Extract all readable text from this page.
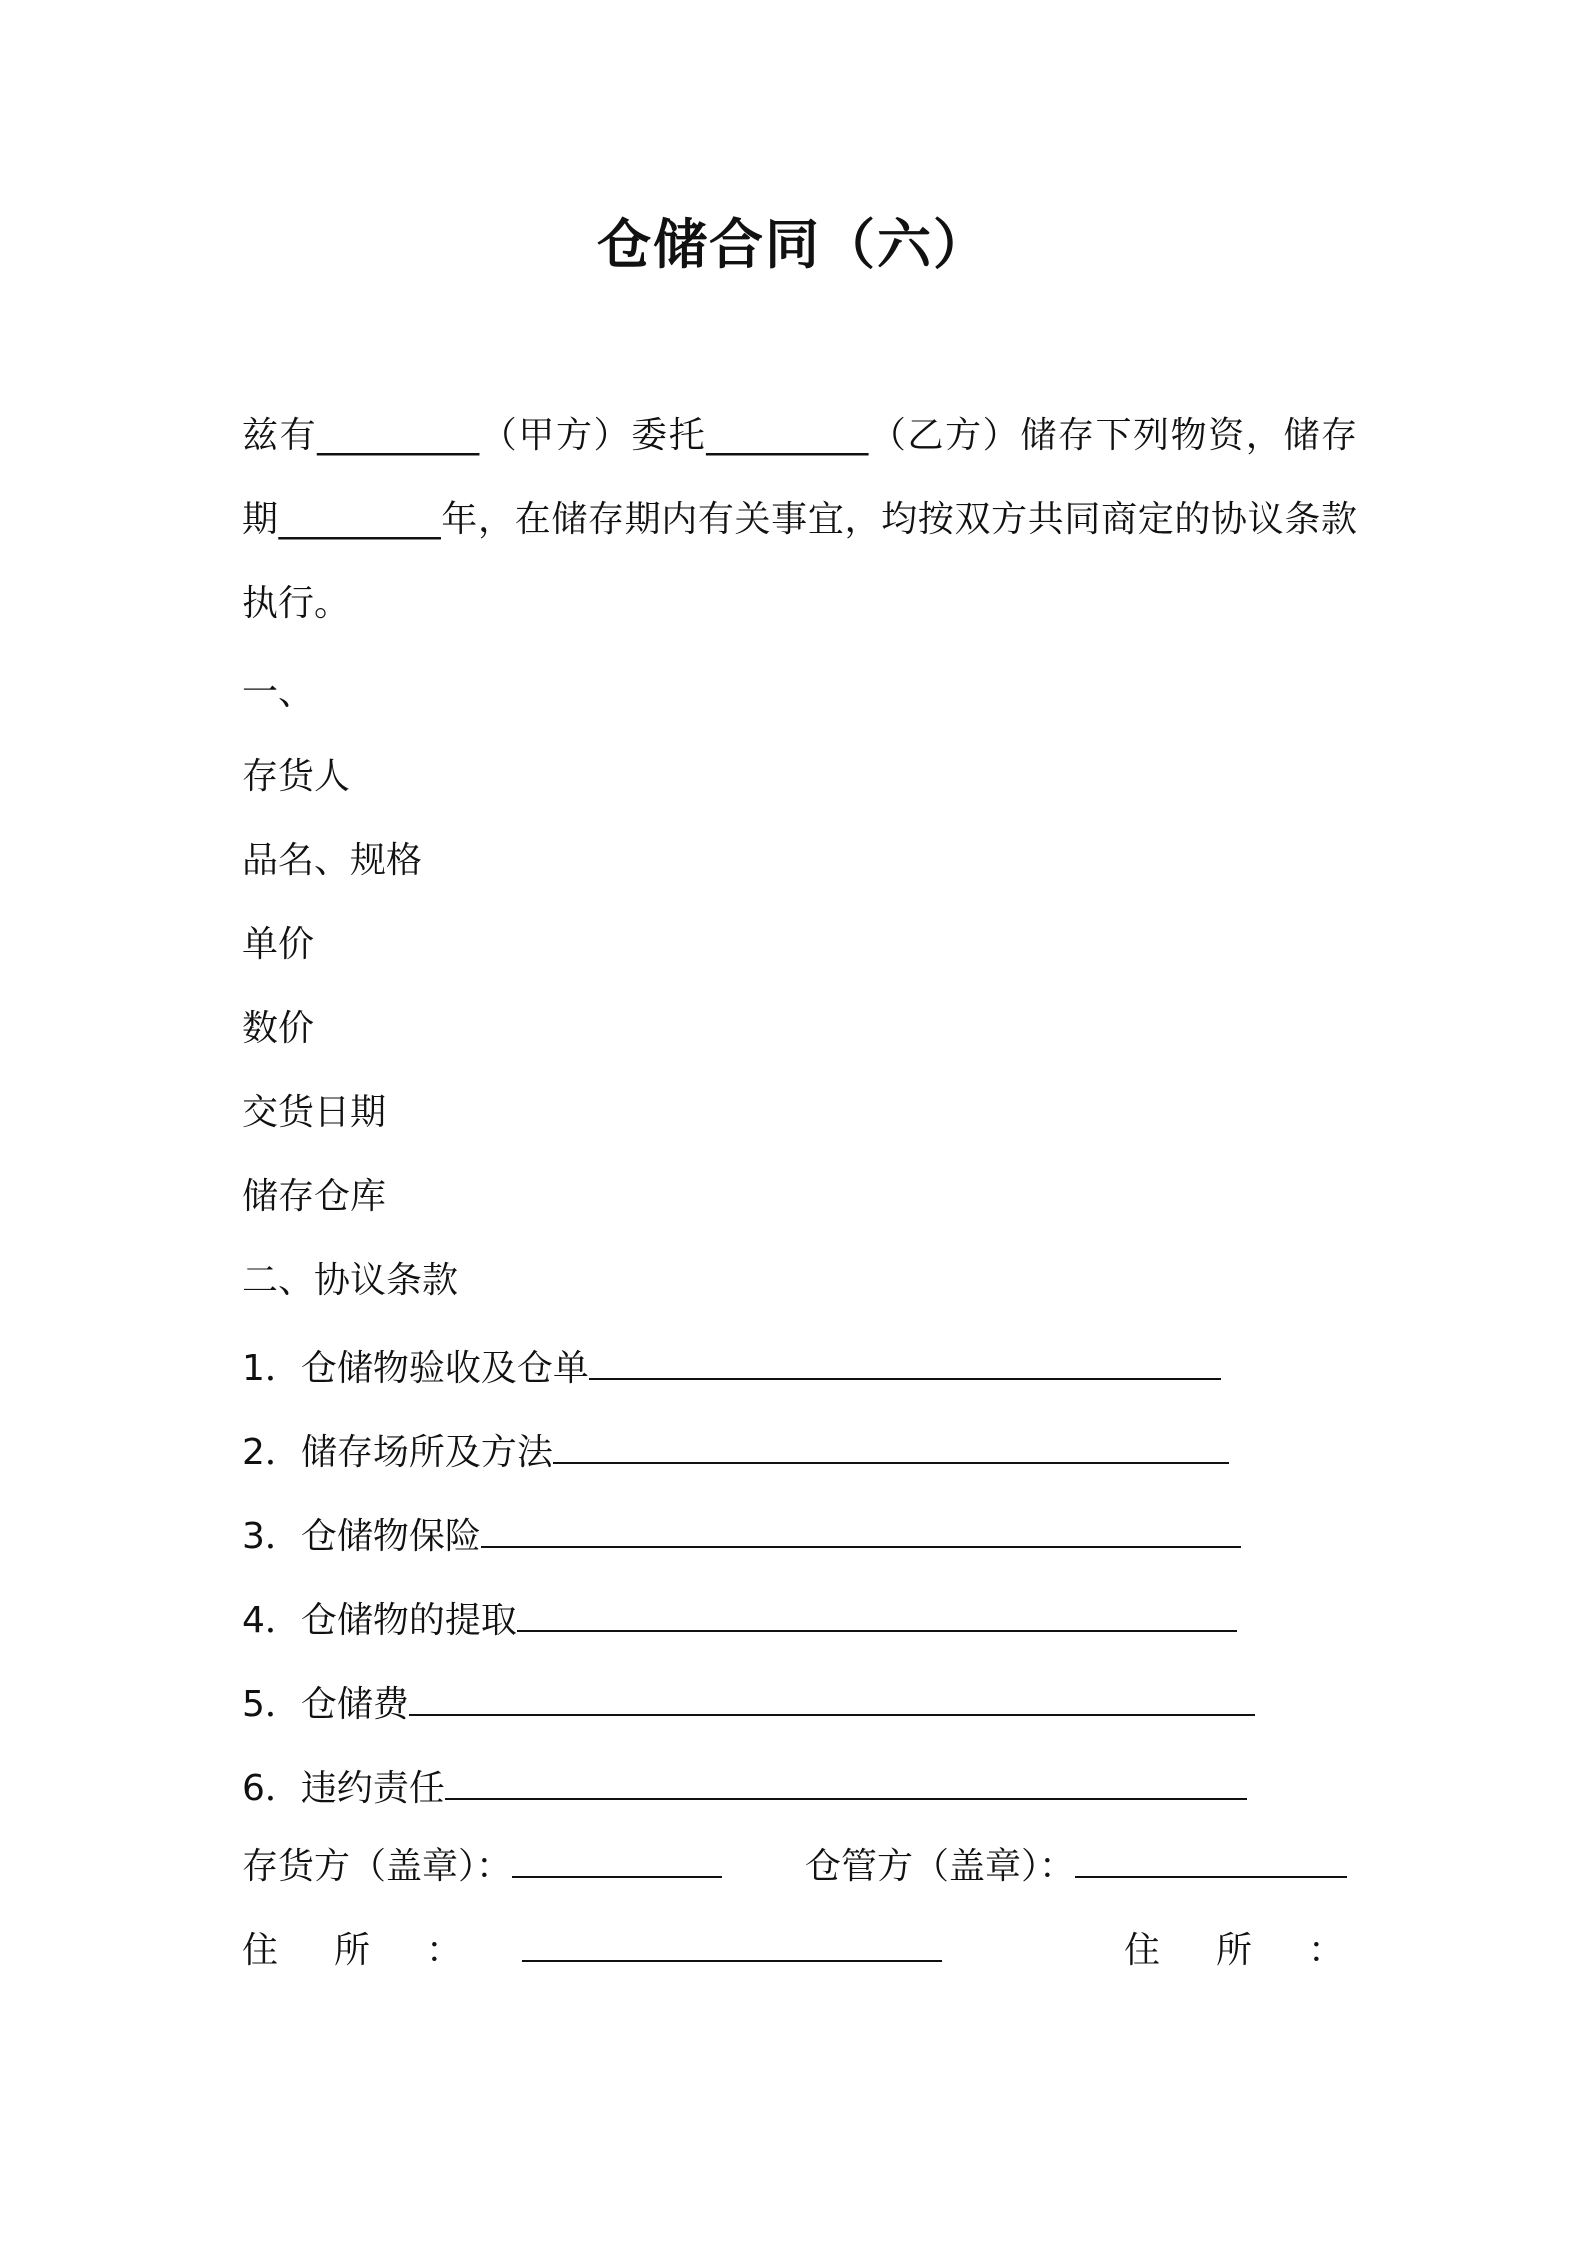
仓储合同（六）
兹有_________（甲方）委托_________（乙方）储存下列物资，储存期_________年，在储存期内有关事宜，均按双方共同商定的协议条款执行。
一、
存货人
品名、规格
单价
数价
交货日期
储存仓库
二、协议条款
1．仓储物验收及仓单
2．储存场所及方法
3．仓储物保险
4．仓储物的提取
5．仓储费
6．违约责任
存货方（盖章）：	仓管方（盖章）：
住 所 ：	住 所 ：
